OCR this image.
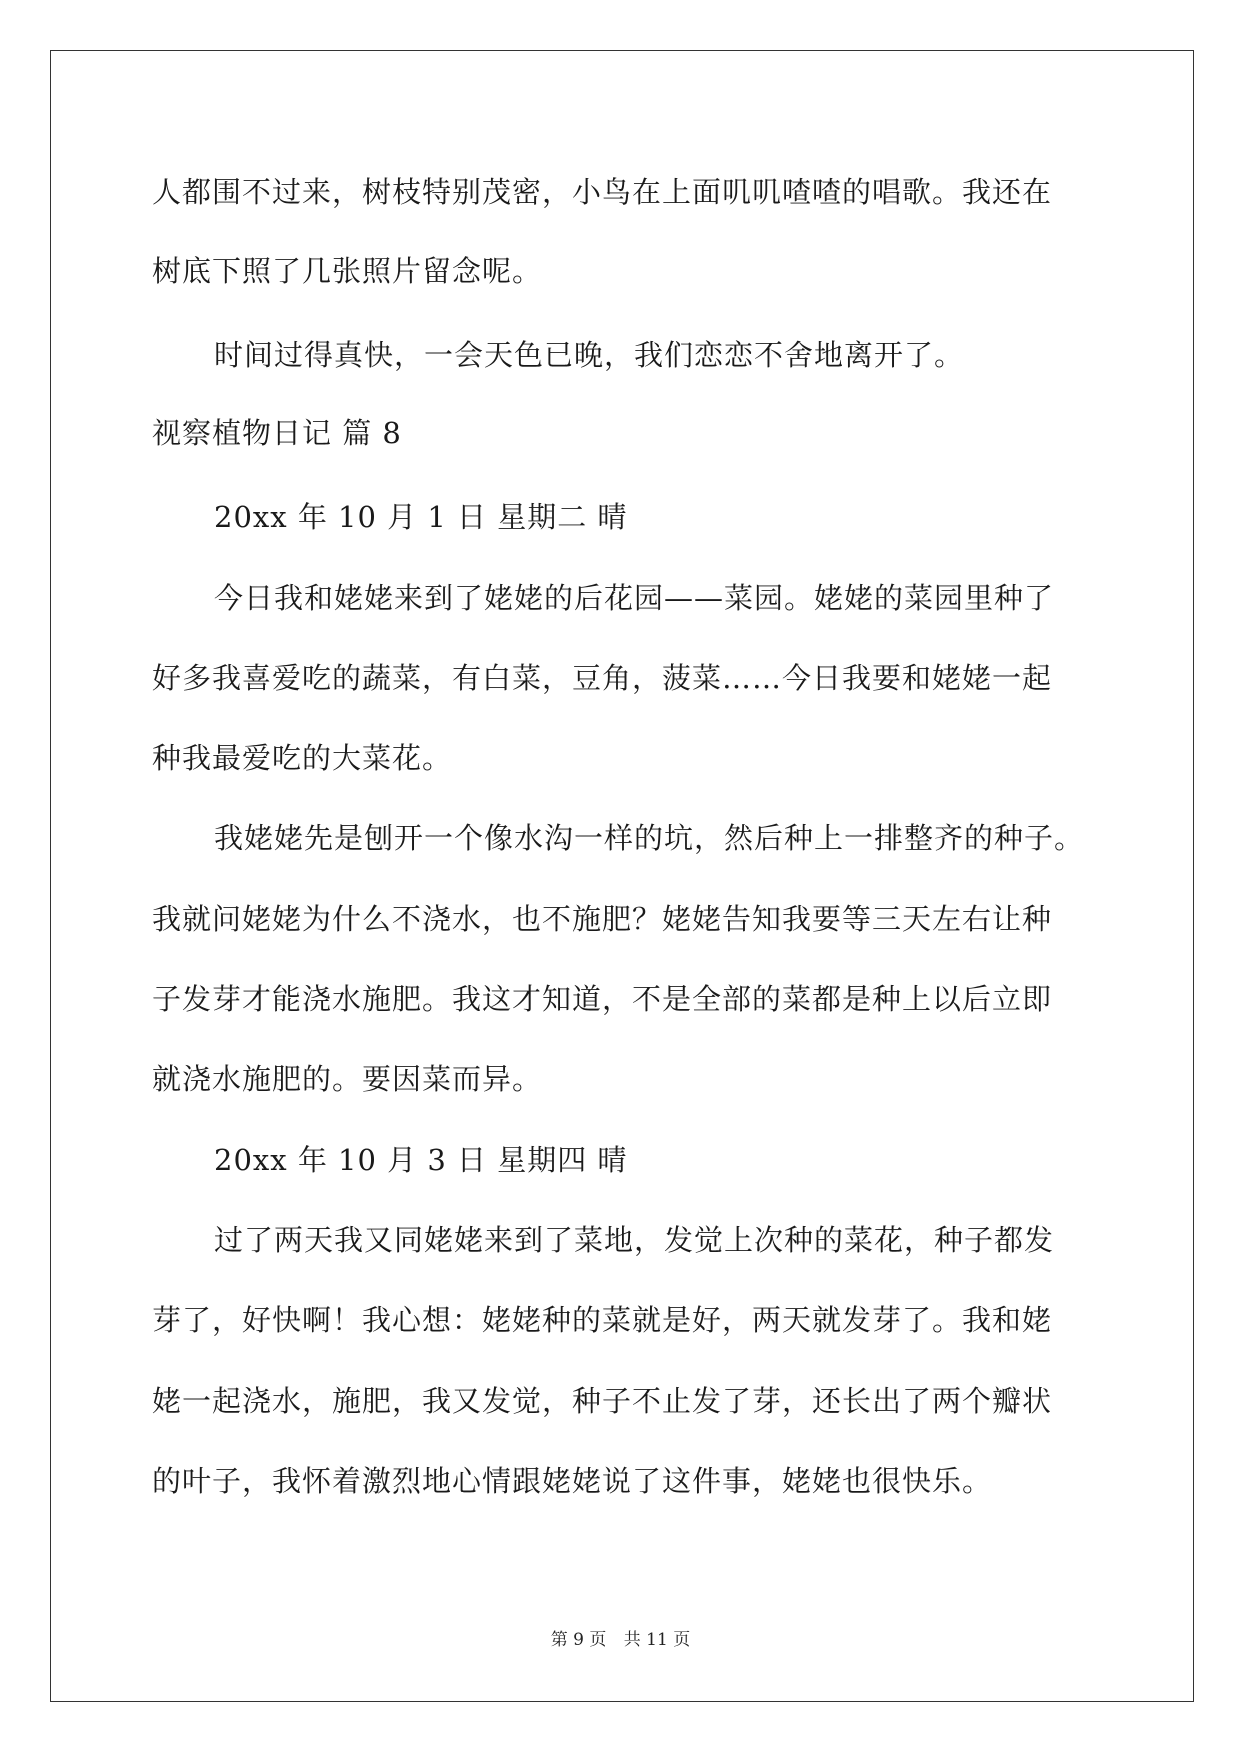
人都围不过来，树枝特别茂密，小鸟在上面叽叽喳喳的唱歌。我还在
树底下照了几张照片留念呢。
时间过得真快，一会天色已晚，我们恋恋不舍地离开了。
视察植物日记 篇 8
20xx 年 10 月 1 日 星期二 晴
今日我和姥姥来到了姥姥的后花园——菜园。姥姥的菜园里种了
好多我喜爱吃的蔬菜，有白菜，豆角，菠菜……今日我要和姥姥一起
种我最爱吃的大菜花。
我姥姥先是刨开一个像水沟一样的坑，然后种上一排整齐的种子。
我就问姥姥为什么不浇水，也不施肥？姥姥告知我要等三天左右让种
子发芽才能浇水施肥。我这才知道，不是全部的菜都是种上以后立即
就浇水施肥的。要因菜而异。
20xx 年 10 月 3 日 星期四 晴
过了两天我又同姥姥来到了菜地，发觉上次种的菜花，种子都发
芽了，好快啊！我心想：姥姥种的菜就是好，两天就发芽了。我和姥
姥一起浇水，施肥，我又发觉，种子不止发了芽，还长出了两个瓣状
的叶子，我怀着激烈地心情跟姥姥说了这件事，姥姥也很快乐。
第 9 页 共 11 页
